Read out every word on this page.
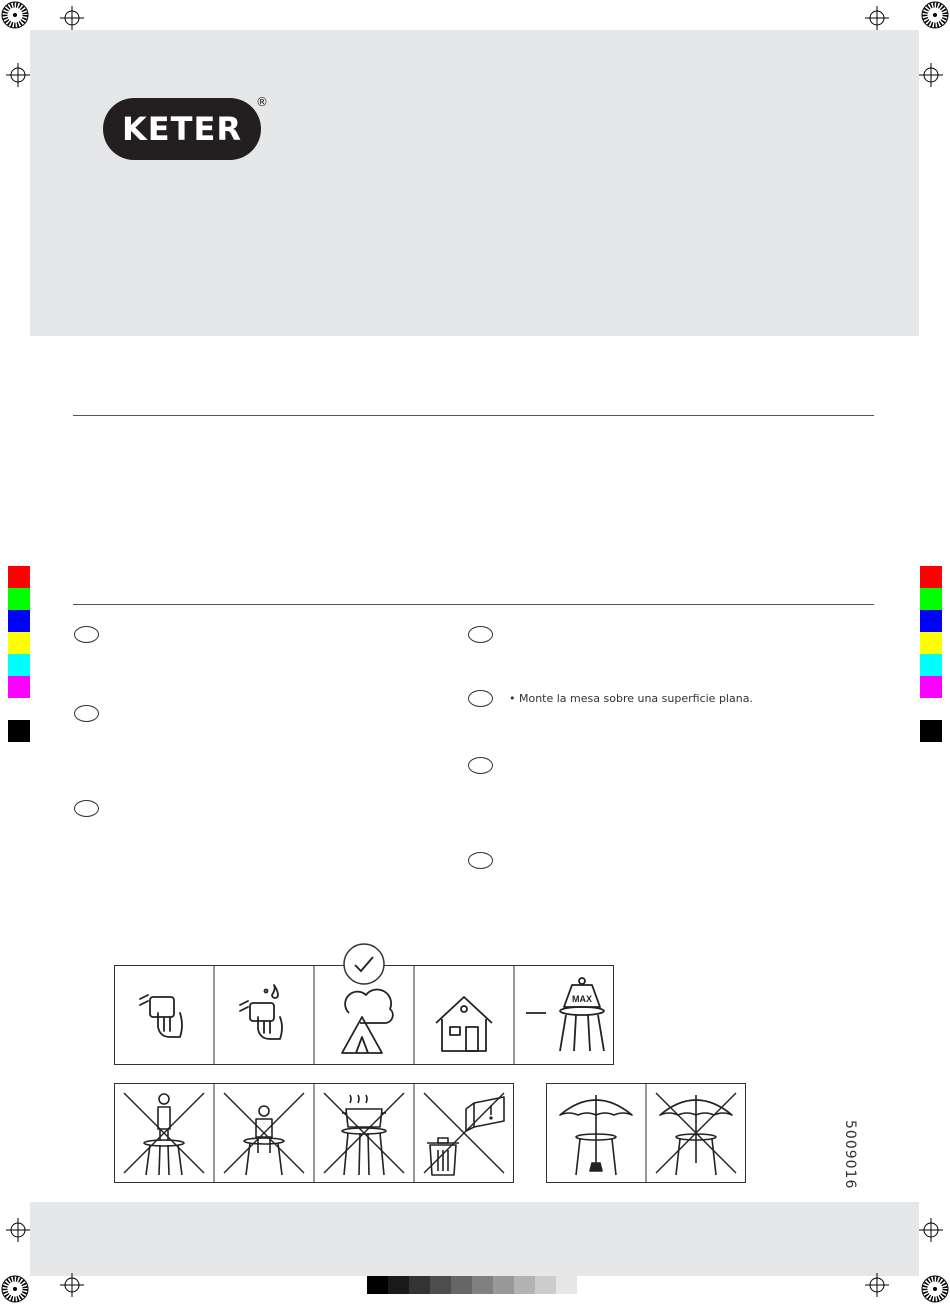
KETER
®
• Monte la mesa sobre una superficie plana.
MAX
5009016
